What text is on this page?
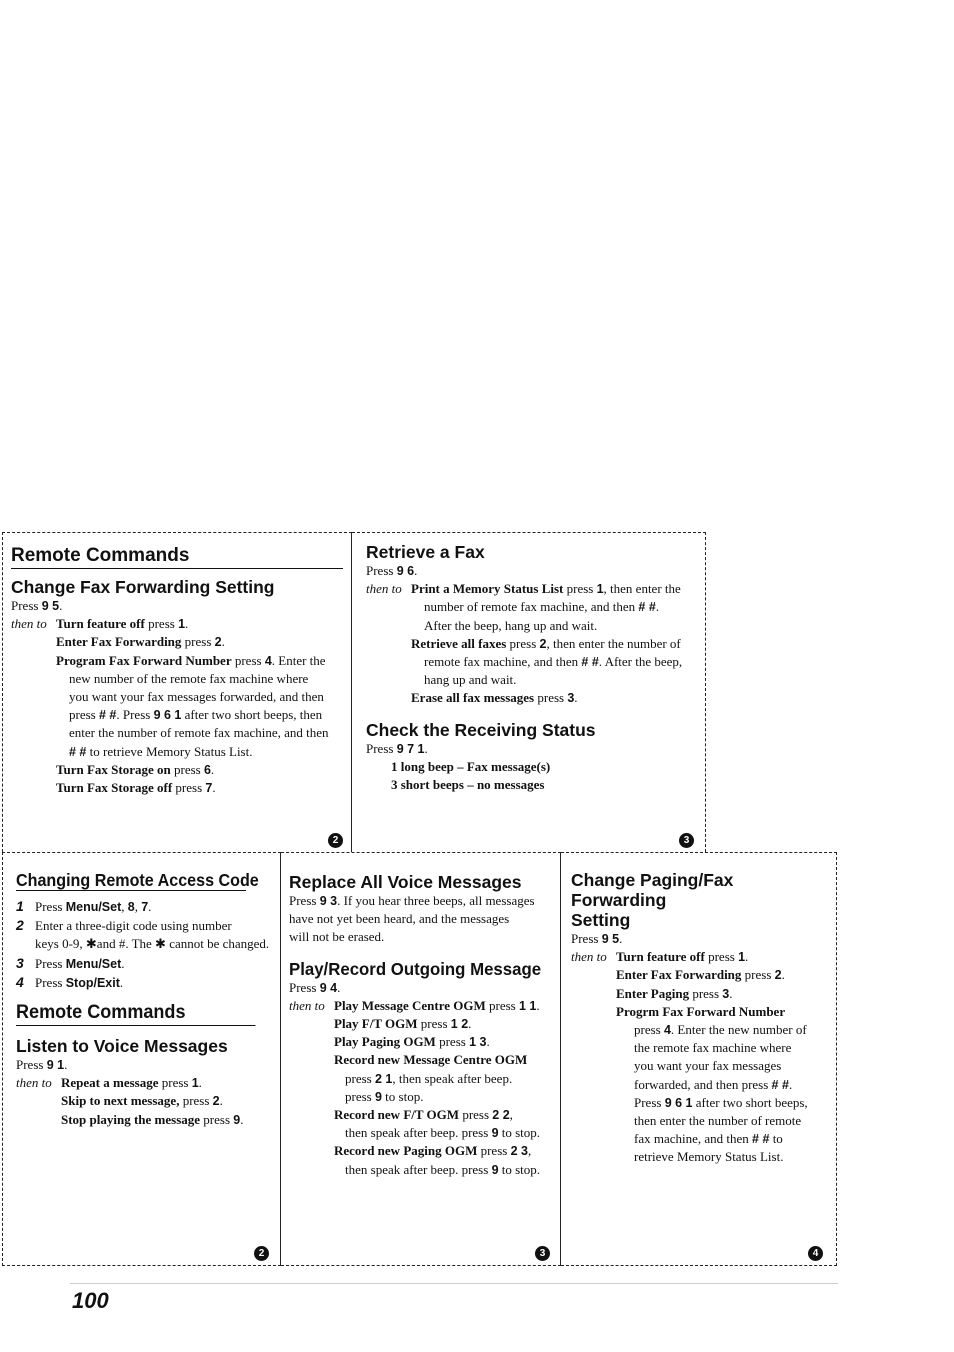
Remote Commands
Change Fax Forwarding Setting

Press 9 5.

then to Turn feature off press 1.

Enter Fax Forwarding press 2.

Program Fax Forward Number press 4. Enter the

new number of the remote fax machine where

you want your fax messages forwarded, and then

press # #. Press 9 6 1 after two short beeps, then

enter the number of remote fax machine, and then

# # to retrieve Memory Status List.

Turn Fax Storage on press 6.

Turn Fax Storage off press 7.

2
Retrieve a Fax

Press 9 6.

then to Print a Memory Status List press 1, then enter the

number of remote fax machine, and then # #.

After the beep, hang up and wait.

Retrieve all faxes press 2, then enter the number of

remote fax machine, and then # #. After the beep,

hang up and wait.

Erase all fax messages press 3.

Check the Receiving Status

Press 9 7 1.

1 long beep – Fax message(s)

3 short beeps – no messages

3
Changing Remote Access Code

1 Press Menu/Set, 8, 7.

2 Enter a three-digit code using number

keys 0-9, ✱and #. The ✱ cannot be changed.

3 Press Menu/Set.

4 Press Stop/Exit.

Remote Commands
Listen to Voice Messages

Press 9 1.

then to Repeat a message press 1.

Skip to next message, press 2.

Stop playing the message press 9.

2
Replace All Voice Messages

Press 9 3. If you hear three beeps, all messages

have not yet been heard, and the messages

will not be erased.

Play/Record Outgoing Message

Press 9 4.

then to Play Message Centre OGM press 1 1.

Play F/T OGM press 1 2.

Play Paging OGM press 1 3.

Record new Message Centre OGM

press 2 1, then speak after beep.

press 9 to stop.

Record new F/T OGM press 2 2,

then speak after beep. press 9 to stop.

Record new Paging OGM press 2 3,

then speak after beep. press 9 to stop.

3
Change Paging/Fax Forwarding
Setting

Press 9 5.

then to Turn feature off press 1.

Enter Fax Forwarding press 2.

Enter Paging press 3.

Progrm Fax Forward Number

press 4. Enter the new number of

the remote fax machine where

you want your fax messages

forwarded, and then press # #.

Press 9 6 1 after two short beeps,

then enter the number of remote

fax machine, and then # # to

retrieve Memory Status List.

4
100
